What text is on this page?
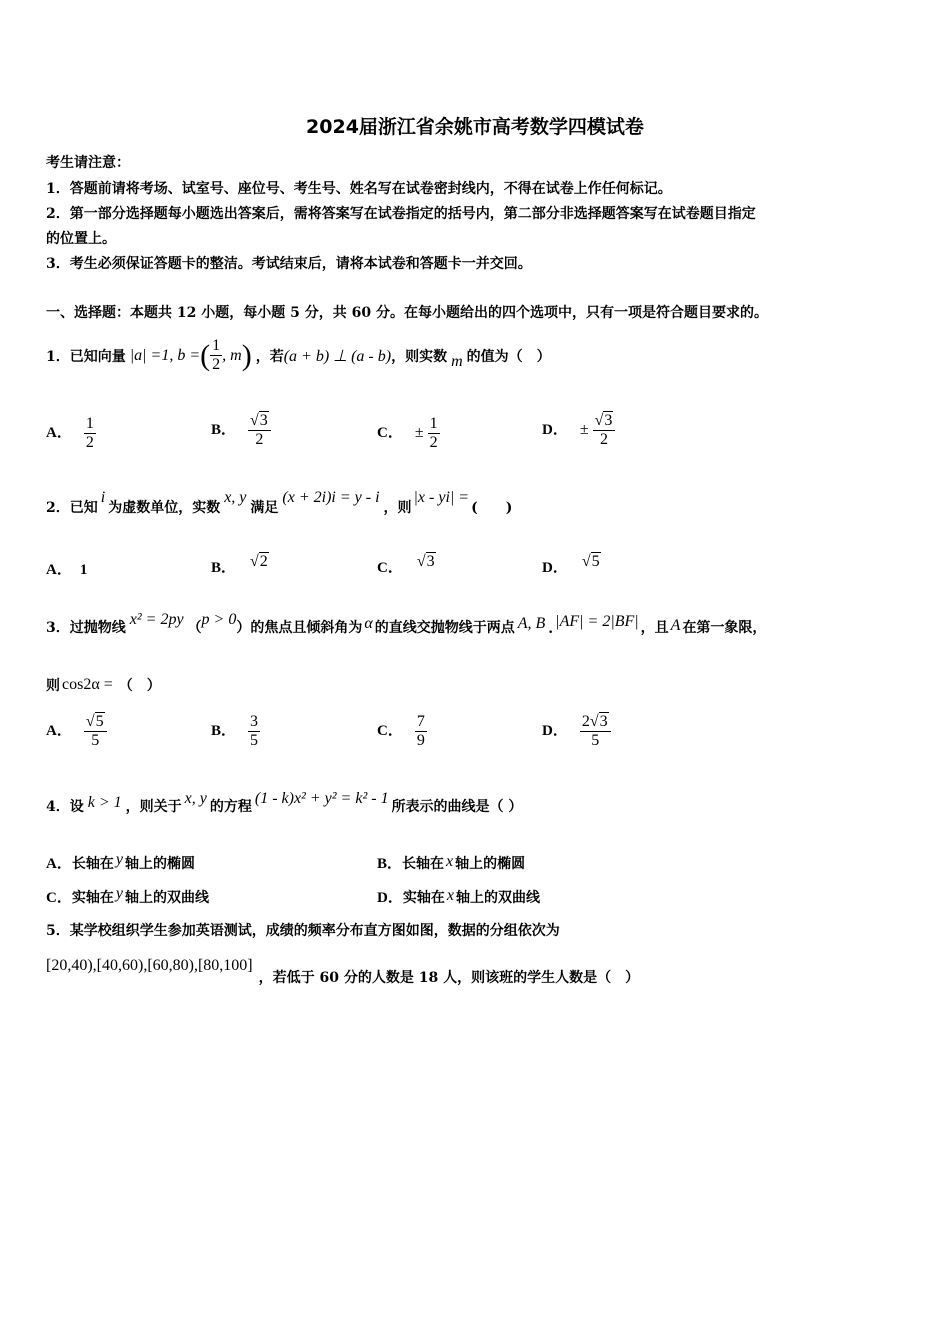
2024届浙江省余姚市高考数学四模试卷
考生请注意：
1．答题前请将考场、试室号、座位号、考生号、姓名写在试卷密封线内，不得在试卷上作任何标记。
2．第一部分选择题每小题选出答案后，需将答案写在试卷指定的括号内，第二部分非选择题答案写在试卷题目指定
的位置上。
3．考生必须保证答题卡的整洁。考试结束后，请将本试卷和答题卡一并交回。
一、选择题：本题共 12 小题，每小题 5 分，共 60 分。在每小题给出的四个选项中，只有一项是符合题目要求的。
1．已知向量 |a| =1, b = ( $\frac{1}{2}$ , m ) ，若 (a + b) ⊥ (a - b) ，则实数 m 的值为（　）
A． $\frac{1}{2}$	B． $\frac{√3}{2}$	C． ± $\frac{1}{2}$	D． ± $\frac{√3}{2}$
2．已知
i
为虚数单位，实数
x, y
满足
(x + 2i)i = y - i
，则
|x - yi| =
(　　)
A． 1	B． √2	C． √3	D． √5
3．过抛物线 x² = 2py （ p > 0 ）的焦点且倾斜角为 α 的直线交抛物线于两点 A, B . |AF| = 2|BF| ，且 A 在第一象限，
则 cos2α = （　）
A． $\frac{√5}{5}$	B． $\frac{3}{5}$	C． $\frac{7}{9}$	D． $\frac{2√3}{5}$
4．设 k > 1 ，则关于 x, y 的方程 (1 - k)x² + y² = k² - 1 所表示的曲线是（ ）
A．长轴在 y 轴上的椭圆	B．长轴在 x 轴上的椭圆
C．实轴在 y 轴上的双曲线	D．实轴在 x 轴上的双曲线
5．某学校组织学生参加英语测试，成绩的频率分布直方图如图，数据的分组依次为
[20,40),[40,60),[60,80),[80,100]
，若低于 60 分的人数是 18 人，则该班的学生人数是（　）
